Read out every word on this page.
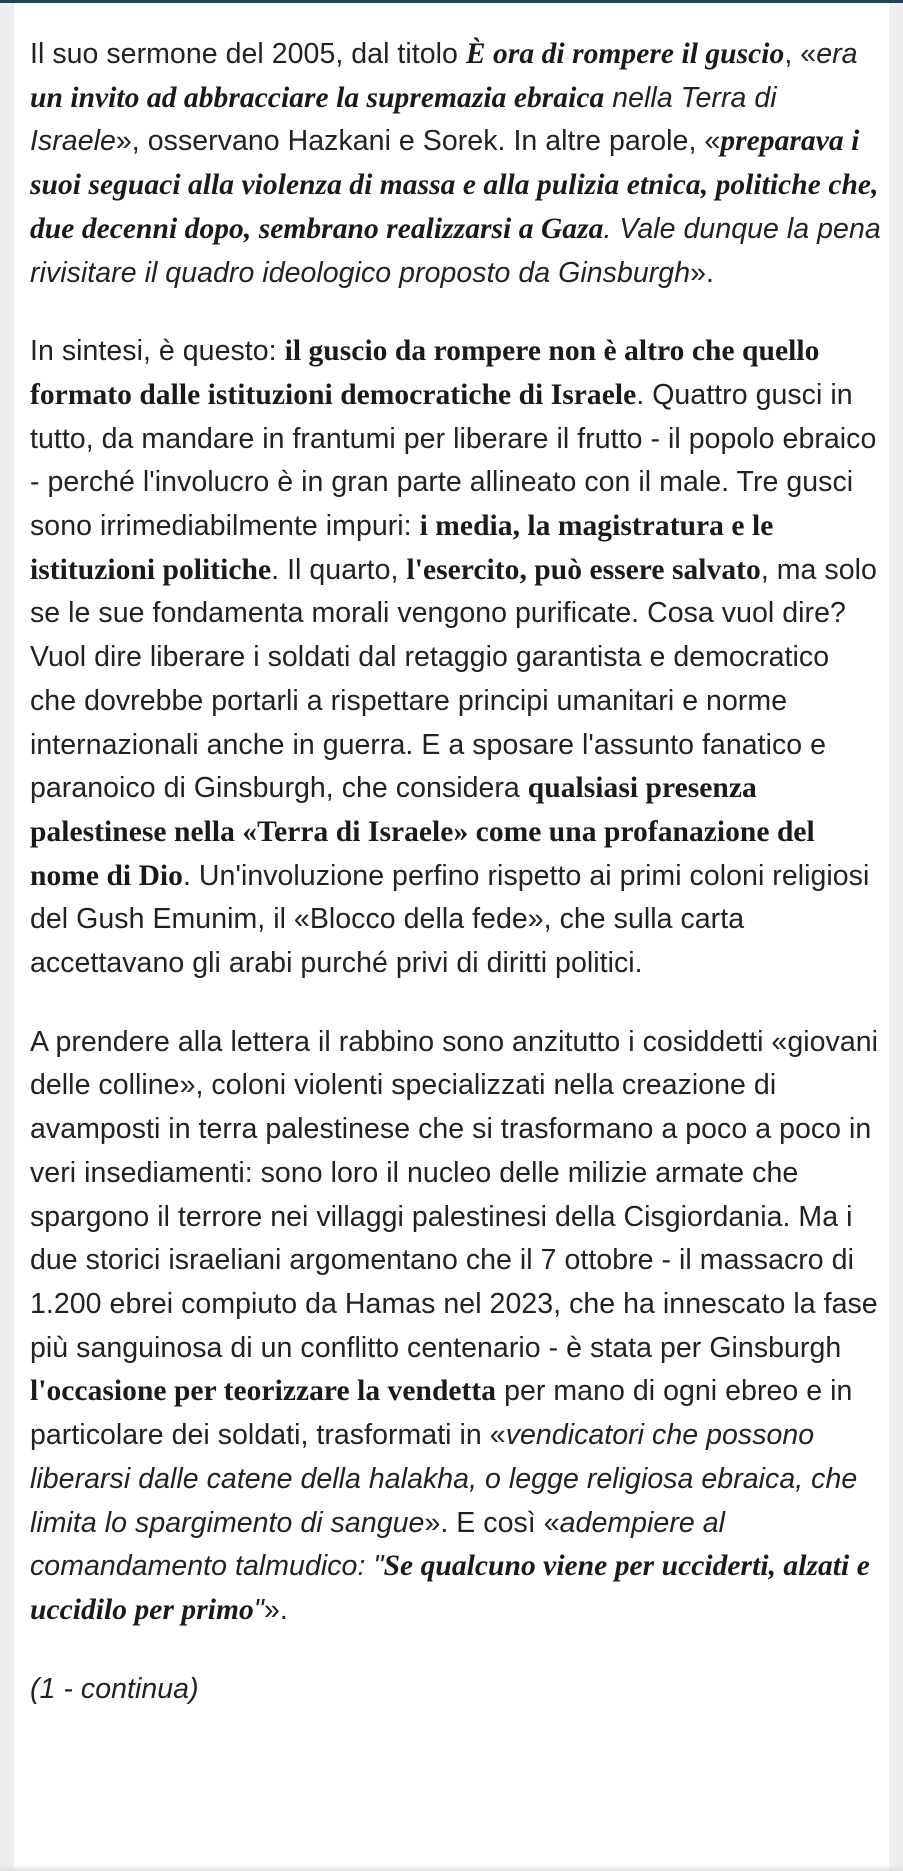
Il suo sermone del 2005, dal titolo È ora di rompere il guscio, «era un invito ad abbracciare la supremazia ebraica nella Terra di Israele», osservano Hazkani e Sorek. In altre parole, «preparava i suoi seguaci alla violenza di massa e alla pulizia etnica, politiche che, due decenni dopo, sembrano realizzarsi a Gaza. Vale dunque la pena rivisitare il quadro ideologico proposto da Ginsburgh».

In sintesi, è questo: il guscio da rompere non è altro che quello formato dalle istituzioni democratiche di Israele. Quattro gusci in tutto, da mandare in frantumi per liberare il frutto - il popolo ebraico - perché l'involucro è in gran parte allineato con il male. Tre gusci sono irrimediabilmente impuri: i media, la magistratura e le istituzioni politiche. Il quarto, l'esercito, può essere salvato, ma solo se le sue fondamenta morali vengono purificate. Cosa vuol dire? Vuol dire liberare i soldati dal retaggio garantista e democratico che dovrebbe portarli a rispettare principi umanitari e norme internazionali anche in guerra. E a sposare l'assunto fanatico e paranoico di Ginsburgh, che considera qualsiasi presenza palestinese nella «Terra di Israele» come una profanazione del nome di Dio. Un'involuzione perfino rispetto ai primi coloni religiosi del Gush Emunim, il «Blocco della fede», che sulla carta accettavano gli arabi purché privi di diritti politici.

A prendere alla lettera il rabbino sono anzitutto i cosiddetti «giovani delle colline», coloni violenti specializzati nella creazione di avamposti in terra palestinese che si trasformano a poco a poco in veri insediamenti: sono loro il nucleo delle milizie armate che spargono il terrore nei villaggi palestinesi della Cisgiordania. Ma i due storici israeliani argomentano che il 7 ottobre - il massacro di 1.200 ebrei compiuto da Hamas nel 2023, che ha innescato la fase più sanguinosa di un conflitto centenario - è stata per Ginsburgh l'occasione per teorizzare la vendetta per mano di ogni ebreo e in particolare dei soldati, trasformati in «vendicatori che possono liberarsi dalle catene della halakha, o legge religiosa ebraica, che limita lo spargimento di sangue». E così «adempiere al comandamento talmudico: "Se qualcuno viene per ucciderti, alzati e uccidilo per primo"».

(1 - continua)
